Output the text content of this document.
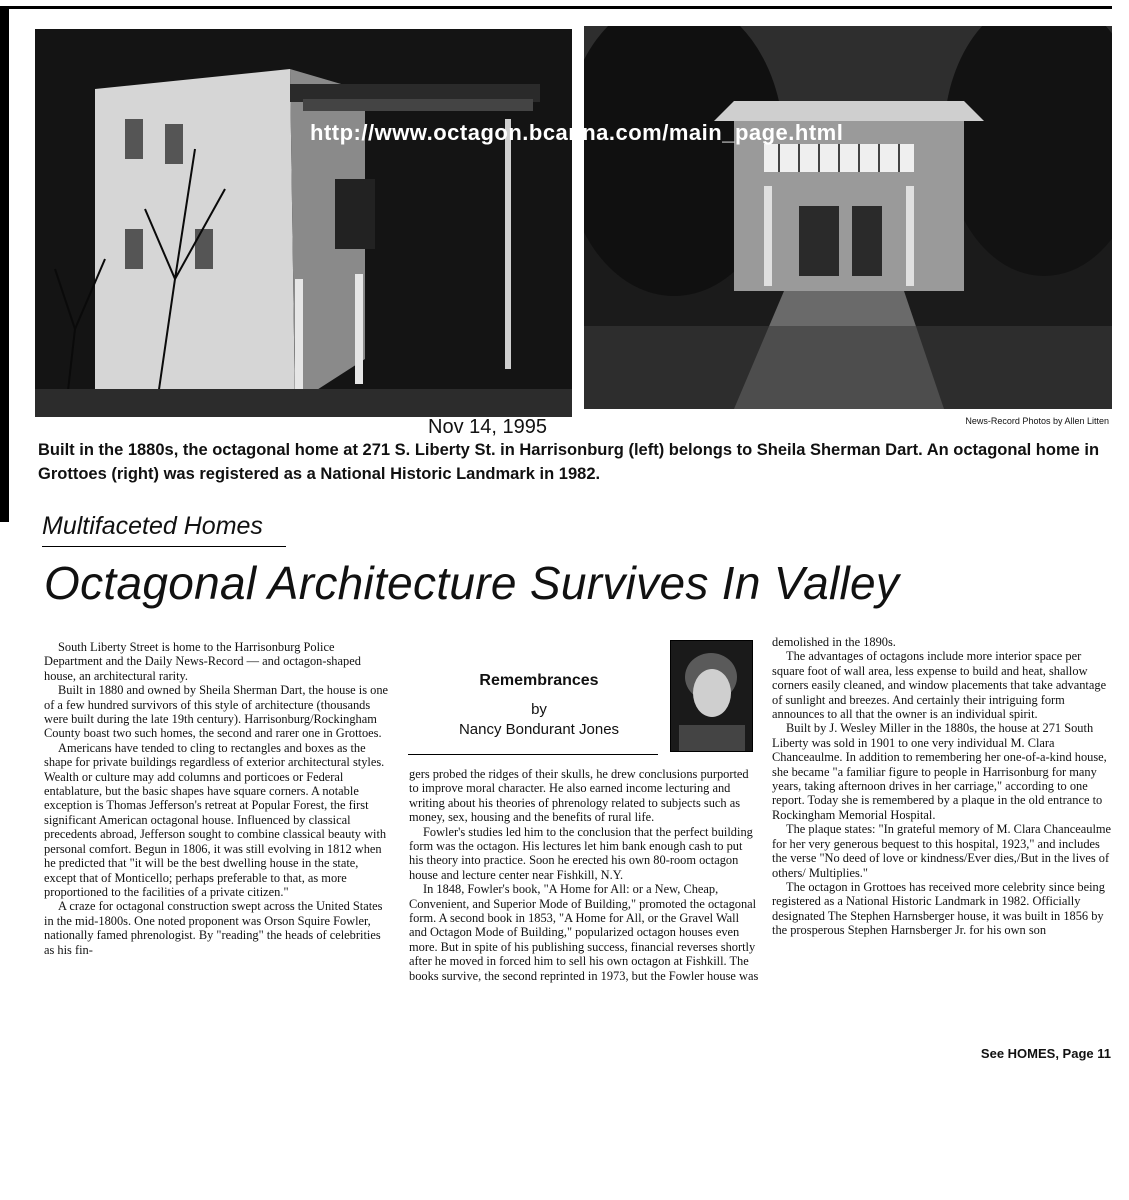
http://www.octagon.bcanna.com/main_page.html
Nov 14, 1995	News-Record Photos by Allen Litten
Built in the 1880s, the octagonal home at 271 S. Liberty St. in Harrisonburg (left) belongs to Sheila Sherman Dart. An octagonal home in Grottoes (right) was registered as a National Historic Landmark in 1982.
Multifaceted Homes
Octagonal Architecture Survives In Valley

South Liberty Street is home to the Harrisonburg Police Department and the Daily News-Record — and octagon-shaped house, an architectural rarity.

Built in 1880 and owned by Sheila Sherman Dart, the house is one of a few hundred survivors of this style of architecture (thousands were built during the late 19th century). Harrisonburg/Rockingham County boast two such homes, the second and rarer one in Grottoes.

Americans have tended to cling to rectangles and boxes as the shape for private buildings regardless of exterior architectural styles. Wealth or culture may add columns and porticoes or Federal entablature, but the basic shapes have square corners. A notable exception is Thomas Jefferson's retreat at Popular Forest, the first significant American octagonal house. Influenced by classical precedents abroad, Jefferson sought to combine classical beauty with personal comfort. Begun in 1806, it was still evolving in 1812 when he predicted that "it will be the best dwelling house in the state, except that of Monticello; perhaps preferable to that, as more proportioned to the facilities of a private citizen."

A craze for octagonal construction swept across the United States in the mid-1800s. One noted proponent was Orson Squire Fowler, nationally famed phrenologist. By "reading" the heads of celebrities as his fin-

Remembrances
by
Nancy Bondurant Jones

gers probed the ridges of their skulls, he drew conclusions purported to improve moral character. He also earned income lecturing and writing about his theories of phrenology related to subjects such as money, sex, housing and the benefits of rural life.

Fowler's studies led him to the conclusion that the perfect building form was the octagon. His lectures let him bank enough cash to put his theory into practice. Soon he erected his own 80-room octagon house and lecture center near Fishkill, N.Y.

In 1848, Fowler's book, "A Home for All: or a New, Cheap, Convenient, and Superior Mode of Building," promoted the octagonal form. A second book in 1853, "A Home for All, or the Gravel Wall and Octagon Mode of Building," popularized octagon houses even more. But in spite of his publishing success, financial reverses shortly after he moved in forced him to sell his own octagon at Fishkill. The books survive, the second reprinted in 1973, but the Fowler house was

demolished in the 1890s.

The advantages of octagons include more interior space per square foot of wall area, less expense to build and heat, shallow corners easily cleaned, and window placements that take advantage of sunlight and breezes. And certainly their intriguing form announces to all that the owner is an individual spirit.

Built by J. Wesley Miller in the 1880s, the house at 271 South Liberty was sold in 1901 to one very individual M. Clara Chanceaulme. In addition to remembering her one-of-a-kind house, she became "a familiar figure to people in Harrisonburg for many years, taking afternoon drives in her carriage," according to one report. Today she is remembered by a plaque in the old entrance to Rockingham Memorial Hospital.

The plaque states: "In grateful memory of M. Clara Chanceaulme for her very generous bequest to this hospital, 1923," and includes the verse "No deed of love or kindness/Ever dies,/But in the lives of others/ Multiplies."

The octagon in Grottoes has received more celebrity since being registered as a National Historic Landmark in 1982. Officially designated The Stephen Harnsberger house, it was built in 1856 by the prosperous Stephen Harnsberger Jr. for his own son

See HOMES, Page 11
